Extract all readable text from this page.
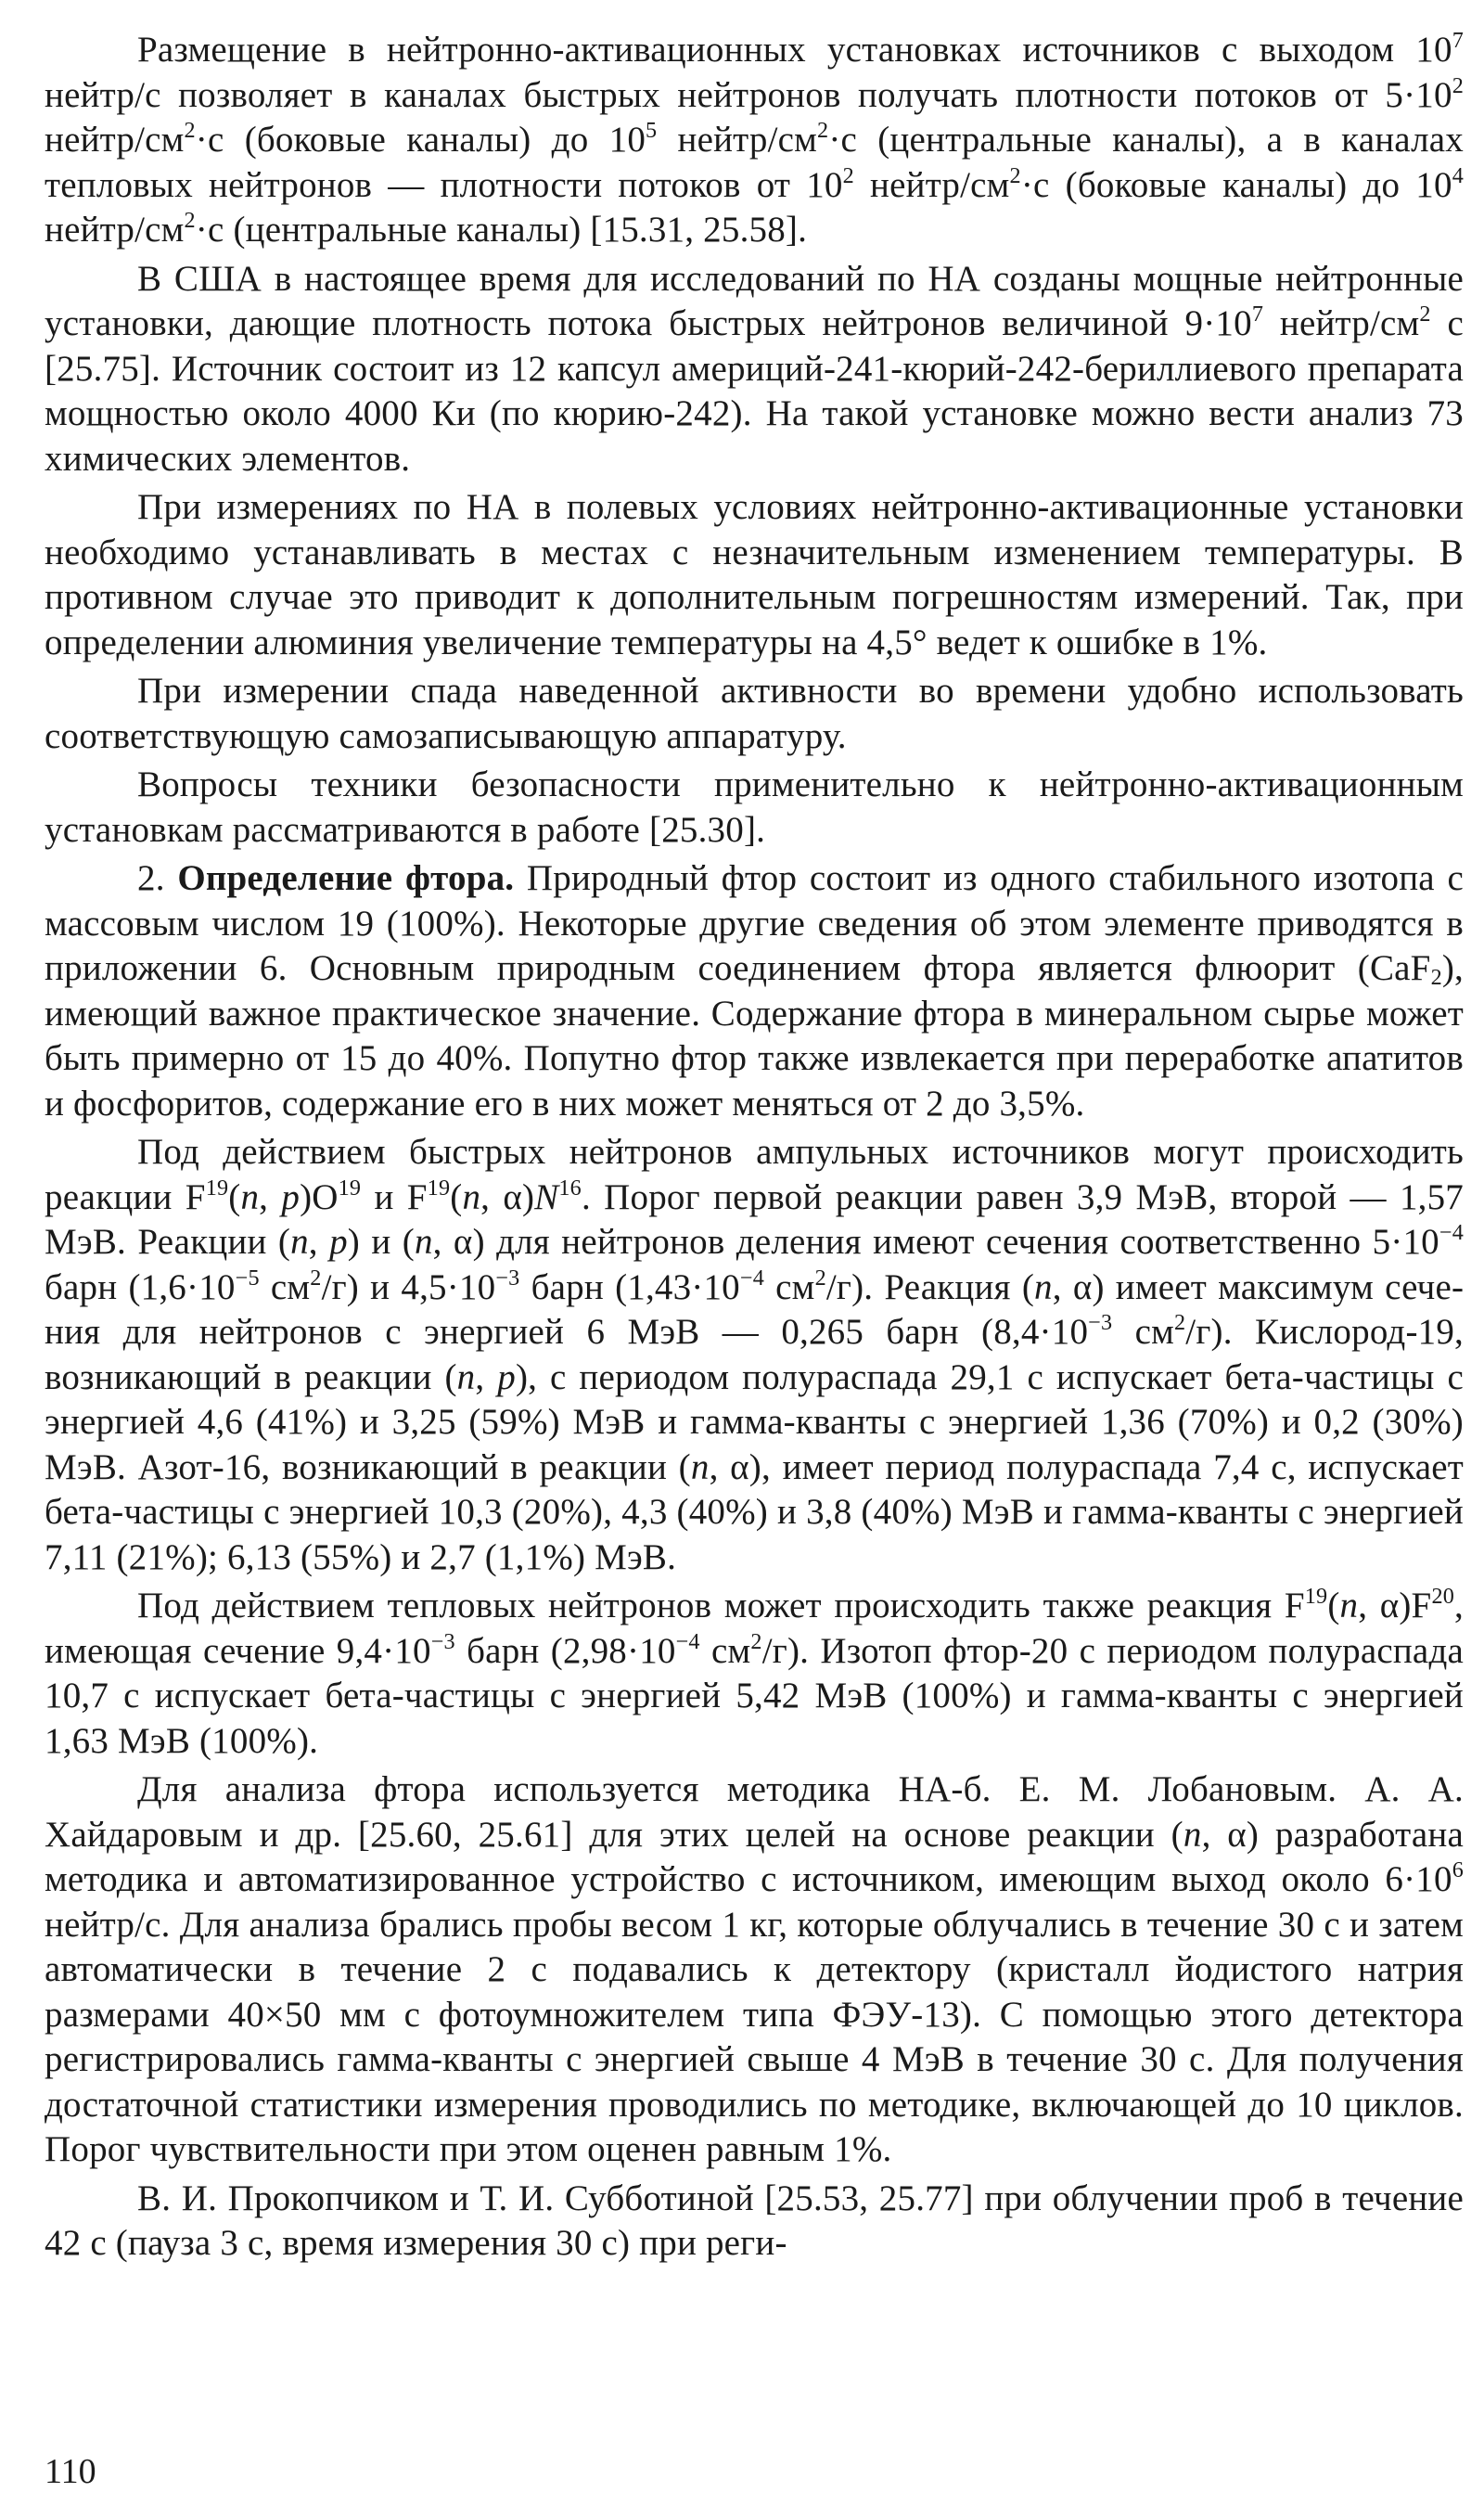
Размещение в нейтронно-активационных установках источников с выходом $10^7$ нейтр/с позволяет в каналах быстрых нейтронов получать плотности потоков от $5\cdot 10^2$ нейтр/$см^2\cdot с$ (боковые каналы) до $10^5$ нейтр/$см^2\cdot с$ (центральные каналы), а в каналах тепловых нейтронов — плотности потоков от $10^2$ нейтр/$см^2\cdot с$ (боковые каналы) до $10^4$ нейтр/$см^2\cdot с$ (центральные каналы) [15.31, 25.58].

В США в настоящее время для исследований по НА созданы мощные нейтронные установки, дающие плотность потока быстрых нейтронов величиной $9\cdot 10^7$ нейтр/$см^2$ с [25.75]. Источник состоит из 12 капсул америций-241-кюрий-242-бериллиевого препарата мощностью около 4000 Ки (по кюрию-242). На такой установке можно вести анализ 73 химических элементов.

При измерениях по НА в полевых условиях нейтронно-активационные установки необходимо устанавливать в местах с незначительным изменением температуры. В противном случае это приводит к дополнительным погрешностям измерений. Так, при определении алюминия увеличение температуры на 4,5° ведет к ошибке в 1%.

При измерении спада наведенной активности во времени удобно использовать соответствующую самозаписывающую аппаратуру.

Вопросы техники безопасности применительно к нейтронно-активационным установкам рассматриваются в работе [25.30].

2. Определение фтора. Природный фтор состоит из одного стабильного изотопа с массовым числом 19 (100%). Некоторые другие сведения об этом элементе приводятся в приложении 6. Основным природным соединением фтора является флюорит (CaF$_2$), имеющий важное практическое значение. Содержание фтора в минеральном сырье может быть примерно от 15 до 40%. Попутно фтор также извлекается при переработке апатитов и фосфоритов, содержание его в них может меняться от 2 до 3,5%.

Под действием быстрых нейтронов ампульных источников могут происходить реакции $F^{19}(n$, $p)O^{19}$ и $F^{19}(n$, $\alpha)N^{16}$. Порог первой реакции равен 3,9 МэВ, второй — 1,57 МэВ. Реакции (n, p) и (n, α) для нейтронов деления имеют сечения соответственно $5\cdot 10^{-4}$ барн ($1,6\cdot 10^{-5}$ $см^2/г$) и $4,5\cdot 10^{-3}$ барн ($1,43\cdot 10^{-4}$ $см^2/г$). Реакция (n, α) имеет максимум сечения для нейтронов с энергией 6 МэВ — 0,265 барн ($8,4\cdot 10^{-3}$ $см^2/г$). Кислород-19, возникающий в реакции (n, p), с периодом полураспада 29,1 с испускает бета-частицы с энергией 4,6 (41%) и 3,25 (59%) МэВ и гамма-кванты с энергией 1,36 (70%) и 0,2 (30%) МэВ. Азот-16, возникающий в реакции (n, α), имеет период полураспада 7,4 с, испускает бета-частицы с энергией 10,3 (20%), 4,3 (40%) и 3,8 (40%) МэВ и гамма-кванты с энергией 7,11 (21%); 6,13 (55%) и 2,7 (1,1%) МэВ.

Под действием тепловых нейтронов может происходить также реакция $F^{19}(n$, $\alpha)F^{20}$, имеющая сечение $9,4\cdot 10^{-3}$ барн ($2,98\cdot 10^{-4}$ $см^2/г$). Изотоп фтор-20 с периодом полураспада 10,7 с испускает бета-частицы с энергией 5,42 МэВ (100%) и гамма-кванты с энергией 1,63 МэВ (100%).

Для анализа фтора используется методика НА-б. Е. М. Лобановым. А. А. Хайдаровым и др. [25.60, 25.61] для этих целей на основе реакции (n, α) разработана методика и автоматизированное устройство с источником, имеющим выход около $6\cdot 10^6$ нейтр/с. Для анализа брались пробы весом 1 кг, которые облучались в течение 30 с и затем автоматически в течение 2 с подавались к детектору (кристалл йодистого натрия размерами 40×50 мм с фотоумножителем типа ФЭУ-13). С помощью этого детектора регистрировались гамма-кванты с энергией свыше 4 МэВ в течение 30 с. Для получения достаточной статистики измерения проводились по методике, включающей до 10 циклов. Порог чувствительности при этом оценен равным 1%.

В. И. Прокопчиком и Т. И. Субботиной [25.53, 25.77] при облучении проб в течение 42 с (пауза 3 с, время измерения 30 с) при реги-

110
